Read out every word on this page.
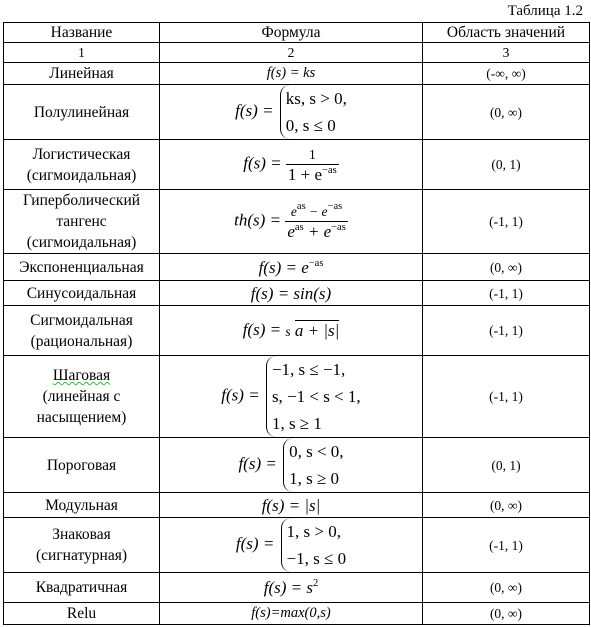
Таблица 1.2
Название	Формула	Область значений
1	2	3
Линейная	f(s) = ks	(-∞, ∞)
Полулинейная	f(s) =
ks, s > 0,
0, s ≤ 0	(0, ∞)
Логистическая
(сигмоидальная)	$f(s) = \frac{1}{1 + e^{-as}}$	(0, 1)
Гиперболический
тангенс
(сигмоидальная)	$th(s) = \frac{e^{as} - e^{-as}}{e^{as} + e^{-as}}$	(-1, 1)
Экспоненциальная	$f(s) = e^{-as}$	(0, ∞)
Синусоидальная	f(s) = sin(s)	(-1, 1)
Сигмоидальная
(рациональная)	f(s) = s a + |s|	(-1, 1)
Шаговая
(линейная с
насыщением)	f(s) =
−1, s ≤ −1,
s, −1 < s < 1,
1, s ≥ 1	(-1, 1)
Пороговая	f(s) =
0, s < 0,
1, s ≥ 0	(0, 1)
Модульная	f(s) = |s|	(0, ∞)
Знаковая
(сигнатурная)	f(s) =
1, s > 0,
−1, s ≤ 0	(-1, 1)
Квадратичная	$f(s) = s^2$	(0, ∞)
Relu	f(s)=max(0,s)	(0, ∞)
